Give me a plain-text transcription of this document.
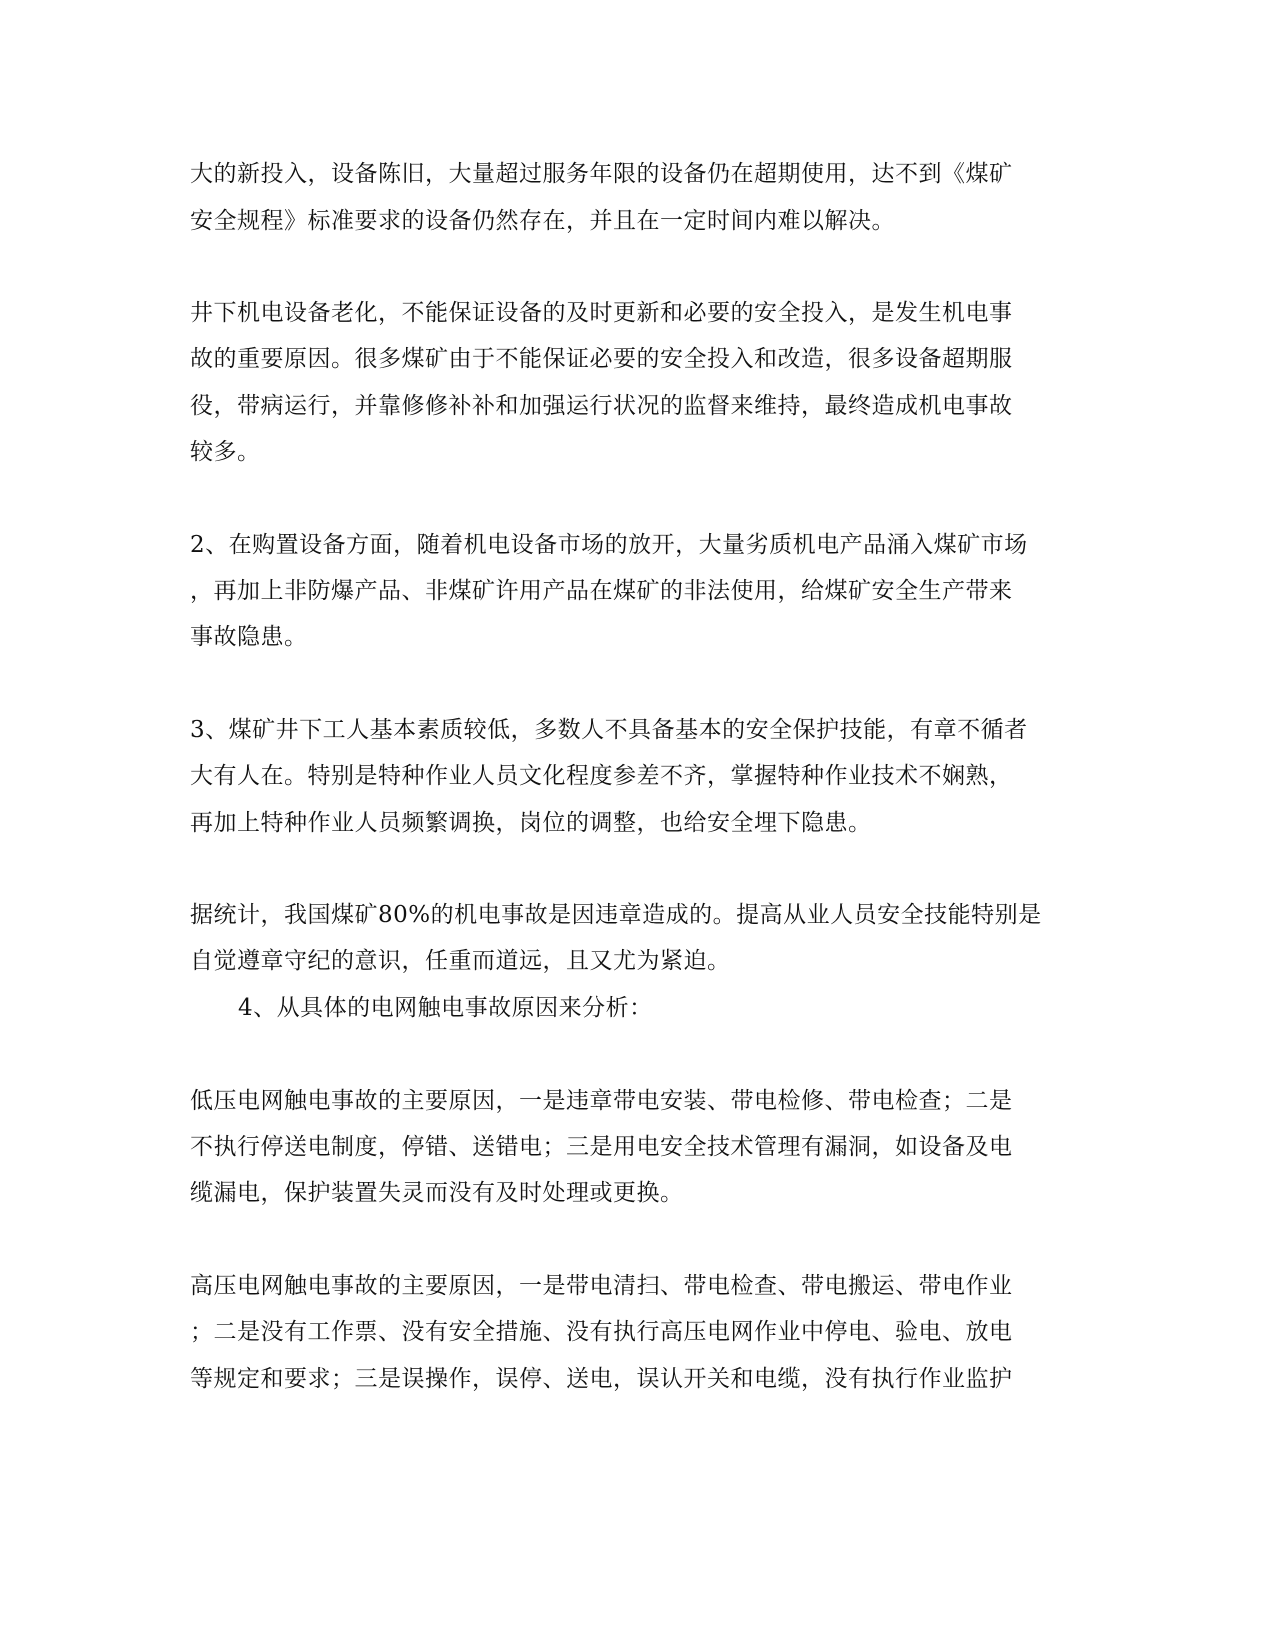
大的新投入，设备陈旧，大量超过服务年限的设备仍在超期使用，达不到《煤矿
安全规程》标准要求的设备仍然存在，并且在一定时间内难以解决。
井下机电设备老化，不能保证设备的及时更新和必要的安全投入，是发生机电事
故的重要原因。很多煤矿由于不能保证必要的安全投入和改造，很多设备超期服
役，带病运行，并靠修修补补和加强运行状况的监督来维持，最终造成机电事故
较多。
2、在购置设备方面，随着机电设备市场的放开，大量劣质机电产品涌入煤矿市场
，再加上非防爆产品、非煤矿许用产品在煤矿的非法使用，给煤矿安全生产带来
事故隐患。
3、煤矿井下工人基本素质较低，多数人不具备基本的安全保护技能，有章不循者
大有人在。特别是特种作业人员文化程度参差不齐，掌握特种作业技术不娴熟，
再加上特种作业人员频繁调换，岗位的调整，也给安全埋下隐患。
据统计，我国煤矿80%的机电事故是因违章造成的。提高从业人员安全技能特别是
自觉遵章守纪的意识，任重而道远，且又尤为紧迫。
4、从具体的电网触电事故原因来分析：
低压电网触电事故的主要原因，一是违章带电安装、带电检修、带电检查；二是
不执行停送电制度，停错、送错电；三是用电安全技术管理有漏洞，如设备及电
缆漏电，保护装置失灵而没有及时处理或更换。
高压电网触电事故的主要原因，一是带电清扫、带电检查、带电搬运、带电作业
；二是没有工作票、没有安全措施、没有执行高压电网作业中停电、验电、放电
等规定和要求；三是误操作，误停、送电，误认开关和电缆，没有执行作业监护
